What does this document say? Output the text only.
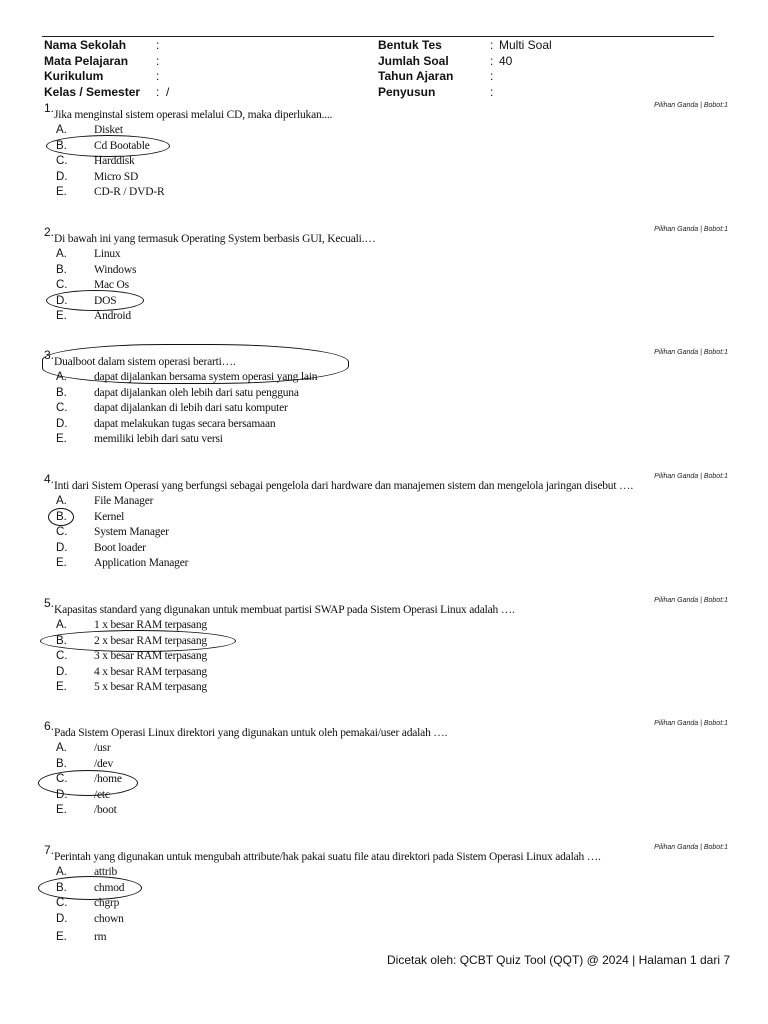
Nama Sekolah :	Bentuk Tes	: Multi Soal
Mata Pelajaran :	Jumlah Soal	: 40
Kurikulum	:	Tahun Ajaran	:
Kelas / Semester : /	Penyusun	:
1.	Pilihan Ganda | Bobot:1
Jika menginstal sistem operasi melalui CD, maka diperlukan....
A. Disket
B. Cd Bootable
C. Harddisk
D. Micro SD
E. CD-R / DVD-R
2.	Pilihan Ganda | Bobot:1
Di bawah ini yang termasuk Operating System berbasis GUI, Kecuali.…
A. Linux
B. Windows
C. Mac Os
D. DOS
E. Android
3.	Pilihan Ganda | Bobot:1
Dualboot dalam sistem operasi berarti….
A. dapat dijalankan bersama system operasi yang lain
B. dapat dijalankan oleh lebih dari satu pengguna
C. dapat dijalankan di lebih dari satu komputer
D. dapat melakukan tugas secara bersamaan
E. memiliki lebih dari satu versi
4.	Pilihan Ganda | Bobot:1
Inti dari Sistem Operasi yang berfungsi sebagai pengelola dari hardware dan manajemen sistem dan mengelola jaringan disebut ….
A. File Manager
B. Kernel
C. System Manager
D. Boot loader
E. Application Manager
5.	Pilihan Ganda | Bobot:1
Kapasitas standard yang digunakan untuk membuat partisi SWAP pada Sistem Operasi Linux adalah ….
A. 1 x besar RAM terpasang
B. 2 x besar RAM terpasang
C. 3 x besar RAM terpasang
D. 4 x besar RAM terpasang
E. 5 x besar RAM terpasang
6.	Pilihan Ganda | Bobot:1
Pada Sistem Operasi Linux direktori yang digunakan untuk oleh pemakai/user adalah ….
A. /usr
B. /dev
C. /home
D. /etc
E. /boot
7.	Pilihan Ganda | Bobot:1
Perintah yang digunakan untuk mengubah attribute/hak pakai suatu file atau direktori pada Sistem Operasi Linux adalah ….
A. attrib
B. chmod
C. chgrp
D. chown
E. rm
Dicetak oleh: QCBT Quiz Tool (QQT) @ 2024 | Halaman 1 dari 7
